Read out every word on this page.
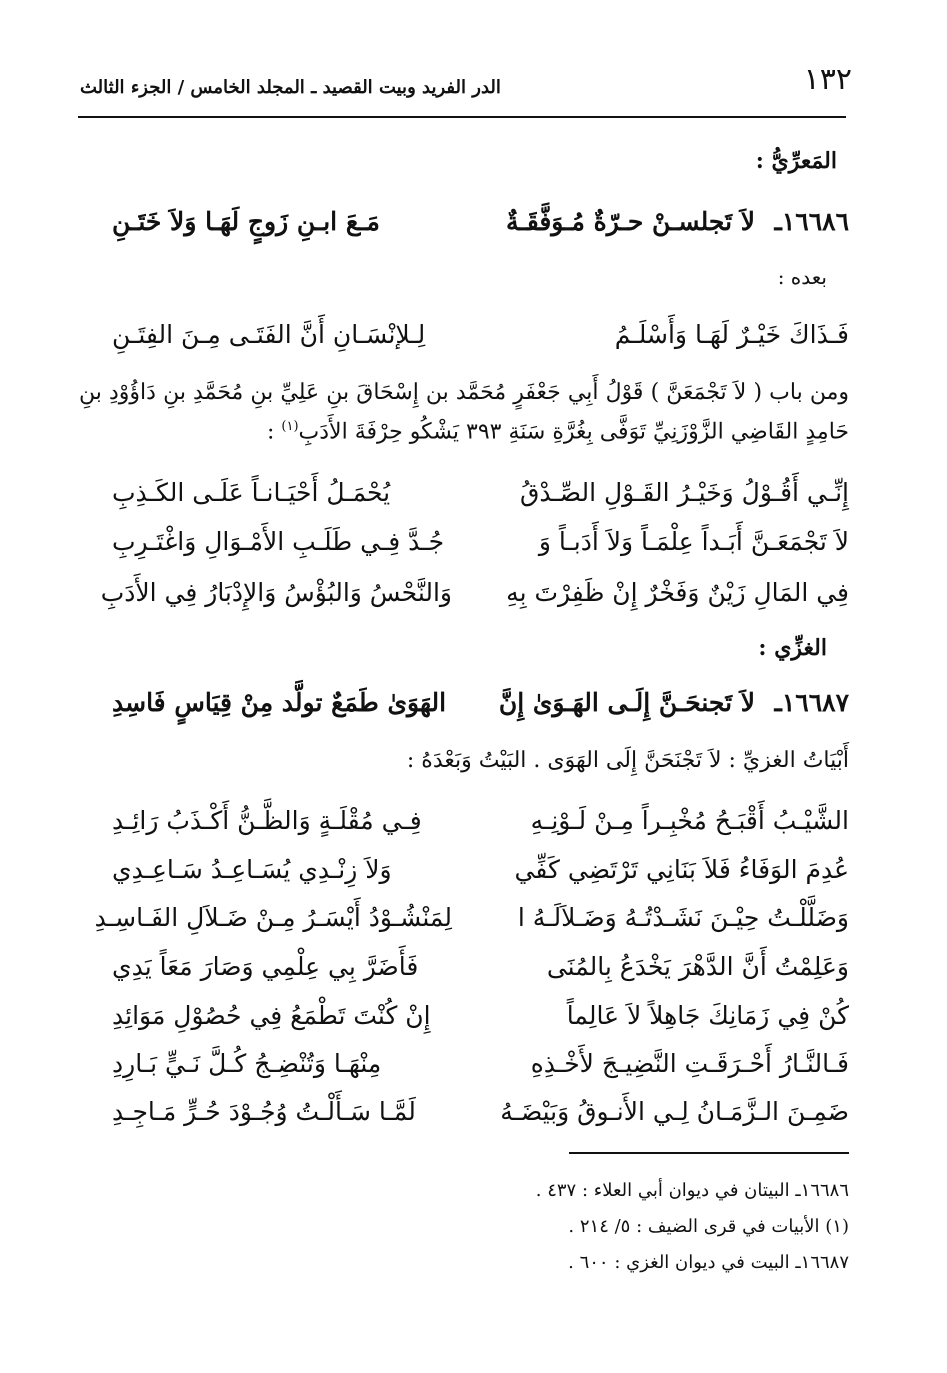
١٣٢
الدر الفريد وبيت القصيد ـ المجلد الخامس / الجزء الثالث
المَعرِّيُّ :
١٦٦٨٦ـ
لاَ تَجلسـنْ حـرّةٌ مُـوَفَّقَـةٌ
مَـعَ ابـنِ زَوجٍ لَهَـا وَلاَ خَتَـنِ
بعده :
فَـذَاكَ خَيْـرٌ لَهَـا وَأَسْلَـمُ
لِـلإنْسَـانِ أَنَّ الفَتَـى مِـنَ الفِتَـنِ
ومن باب ( لاَ تَجْمَعَنَّ ) قَوْلُ أَبِي جَعْفَرٍ مُحَمَّد بن إِسْحَاقَ بنِ عَلِيِّ بنِ مُحَمَّدِ بنِ دَاؤُوْدِ بنِ حَامِدٍ القَاضِي الزَّوْزَنِيِّ تَوَفَّى بِغُرَّةِ سَنَةِ ٣٩٣ يَشْكُو حِرْفَةَ الأَدَبِ$^{(١)}$ :
إِنِّـي أَقُـوْلُ وَخَيْـرُ القَـوْلِ الصِّـدْقُ
يُحْمَـلُ أَحْيَـانـاً عَلَـى الكَـذِبِ
لاَ تَجْمَعَـنَّ أَبَـداً عِلْمَـاً وَلاَ أَدَبـاً وَ
جُـدَّ فِـي طَلَـبِ الأَمْـوَالِ وَاغْتَـرِبِ
فِي المَالِ زَيْنٌ وَفَخْرٌ إِنْ ظَفِرْتَ بِهِ
وَالنَّحْسُ وَالبُؤْسُ وَالإِدْبَارُ فِي الأَدَبِ
الغزِّي :
١٦٦٨٧ـ
لاَ تَجنحَـنَّ إِلَـى الهَـوَىٰ إِنَّ
الهَوَىٰ طَمَعٌ تولَّد مِنْ قِيَاسٍ فَاسِدِ
أَبْيَاتُ الغزيِّ : لاَ تَجْنَحَنَّ إِلَى الهَوَى . البَيْتُ وَبَعْدَهُ :
الشَّيْـبُ أَقْبَـحُ مُخْبِـراً مِـنْ لَـوْنِـهِ
فِـي مُقْلَـةٍ وَالظَّـنُّ أَكْـذَبُ رَائِـدِ
عُدِمَ الوَفَاءُ فَلاَ بَنَانِي تَرْتَضِي كَفِّي
وَلاَ زِنْـدِي يُسَـاعِـدُ سَـاعِـدِي
وَضَلَّلْـتُ حِيْـنَ نَشَـدْتُـهُ وَضَـلاَلَـهُ ا
لِمَنْشُـوْدُ أَيْسَـرُ مِـنْ ضَـلاَلِ الفَـاسِـدِ
وَعَلِمْتُ أَنَّ الدَّهْرَ يَخْدَعُ بِالمُنَى
فَأَضَرَّ بِي عِلْمِي وَصَارَ مَعَاً يَدِي
كُنْ فِي زَمَانِكَ جَاهِلاً لاَ عَالِماً
إِنْ كُنْتَ تَطْمَعُ فِي حُصُوْلِ مَوَائِدِ
فَـالنَّـارُ أَحْـرَقَـتِ النَّضِيـجَ لأَخْـذِهِ
مِنْهَـا وَتُنْضِـجُ كُـلَّ نَـيٍّ بَـارِدِ
ضَمِـنَ الـزَّمَـانُ لِـي الأَنـوقُ وَبَيْضَـهُ
لَمَّـا سَـأَلْـتُ وُجُـوْدَ حُـرٍّ مَـاجِـدِ
١٦٦٨٦ـ البيتان في ديوان أبي العلاء : ٤٣٧ .
(١) الأبيات في قرى الضيف : ٥/ ٢١٤ .
١٦٦٨٧ـ البيت في ديوان الغزي : ٦٠٠ .
